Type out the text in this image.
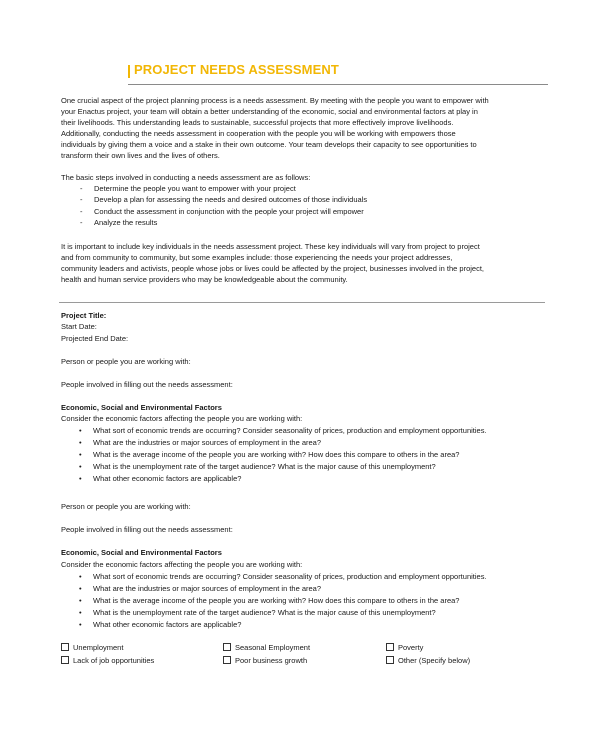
PROJECT NEEDS ASSESSMENT
One crucial aspect of the project planning process is a needs assessment. By meeting with the people you want to empower with
your Enactus project, your team will obtain a better understanding of the economic, social and environmental factors at play in
their livelihoods. This understanding leads to sustainable, successful projects that more effectively improve livelihoods.
Additionally, conducting the needs assessment in cooperation with the people you will be working with empowers those
individuals by giving them a voice and a stake in their own outcome. Your team develops their capacity to see opportunities to
transform their own lives and the lives of others.
The basic steps involved in conducting a needs assessment are as follows:
- Determine the people you want to empower with your project
- Develop a plan for assessing the needs and desired outcomes of those individuals
- Conduct the assessment in conjunction with the people your project will empower
- Analyze the results
It is important to include key individuals in the needs assessment project. These key individuals will vary from project to project
and from community to community, but some examples include: those experiencing the needs your project addresses,
community leaders and activists, people whose jobs or lives could be affected by the project, businesses involved in the project,
health and human service providers who may be knowledgeable about the community.
Project Title:
Start Date:
Projected End Date:
Person or people you are working with:
People involved in filling out the needs assessment:
Economic, Social and Environmental Factors
Consider the economic factors affecting the people you are working with:
• What sort of economic trends are occurring? Consider seasonality of prices, production and employment opportunities.
• What are the industries or major sources of employment in the area?
• What is the average income of the people you are working with? How does this compare to others in the area?
• What is the unemployment rate of the target audience? What is the major cause of this unemployment?
• What other economic factors are applicable?
Person or people you are working with:
People involved in filling out the needs assessment:
Economic, Social and Environmental Factors
Consider the economic factors affecting the people you are working with:
• What sort of economic trends are occurring? Consider seasonality of prices, production and employment opportunities.
• What are the industries or major sources of employment in the area?
• What is the average income of the people you are working with? How does this compare to others in the area?
• What is the unemployment rate of the target audience? What is the major cause of this unemployment?
• What other economic factors are applicable?
Unemployment	Seasonal Employment	Poverty
Lack of job opportunities	Poor business growth	Other (Specify below)
